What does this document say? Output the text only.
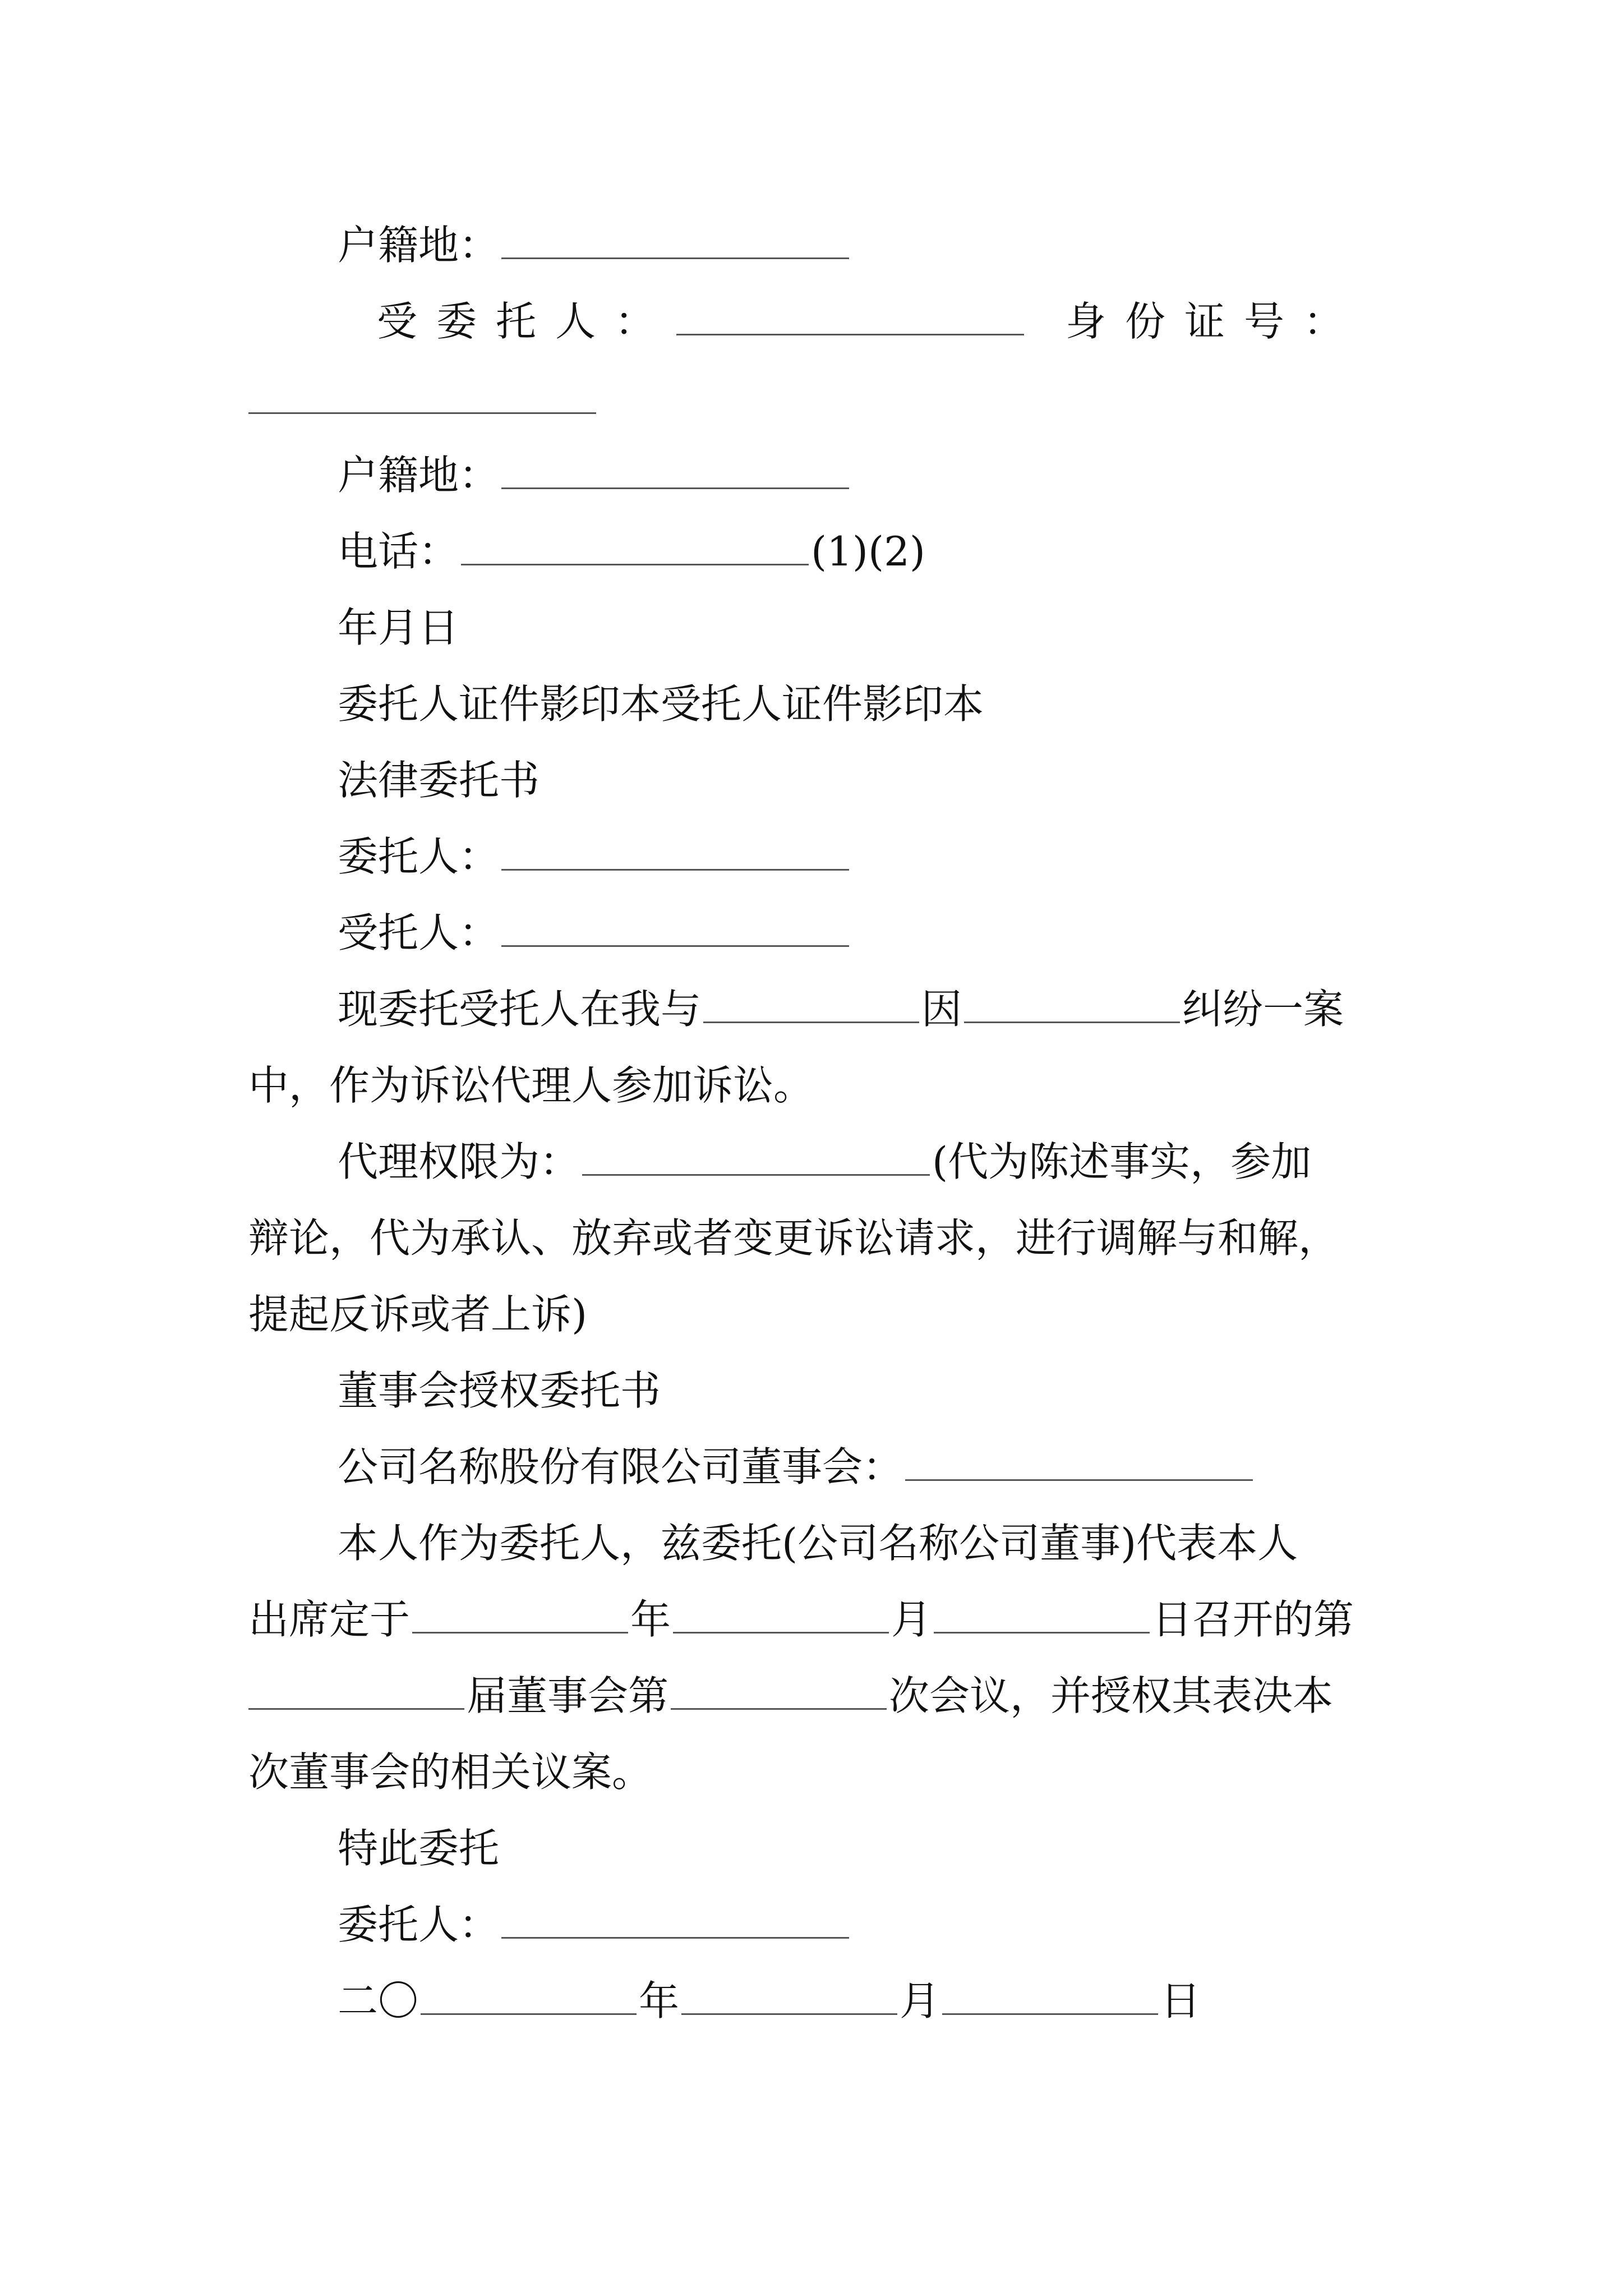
户籍地：
受委托人：	身份证号：
户籍地：
电话：	(1)(2)
年月日
委托人证件影印本受托人证件影印本
法律委托书
委托人：
受托人：
现委托受托人在我与	因	纠纷一案
中，作为诉讼代理人参加诉讼。
代理权限为：	(代为陈述事实，参加
辩论，代为承认、放弃或者变更诉讼请求，进行调解与和解，
提起反诉或者上诉)
董事会授权委托书
公司名称股份有限公司董事会：
本人作为委托人，兹委托(公司名称公司董事)代表本人
出席定于	年	月	日召开的第
届董事会第	次会议，并授权其表决本
次董事会的相关议案。
特此委托
委托人：
二〇	年	月	日
